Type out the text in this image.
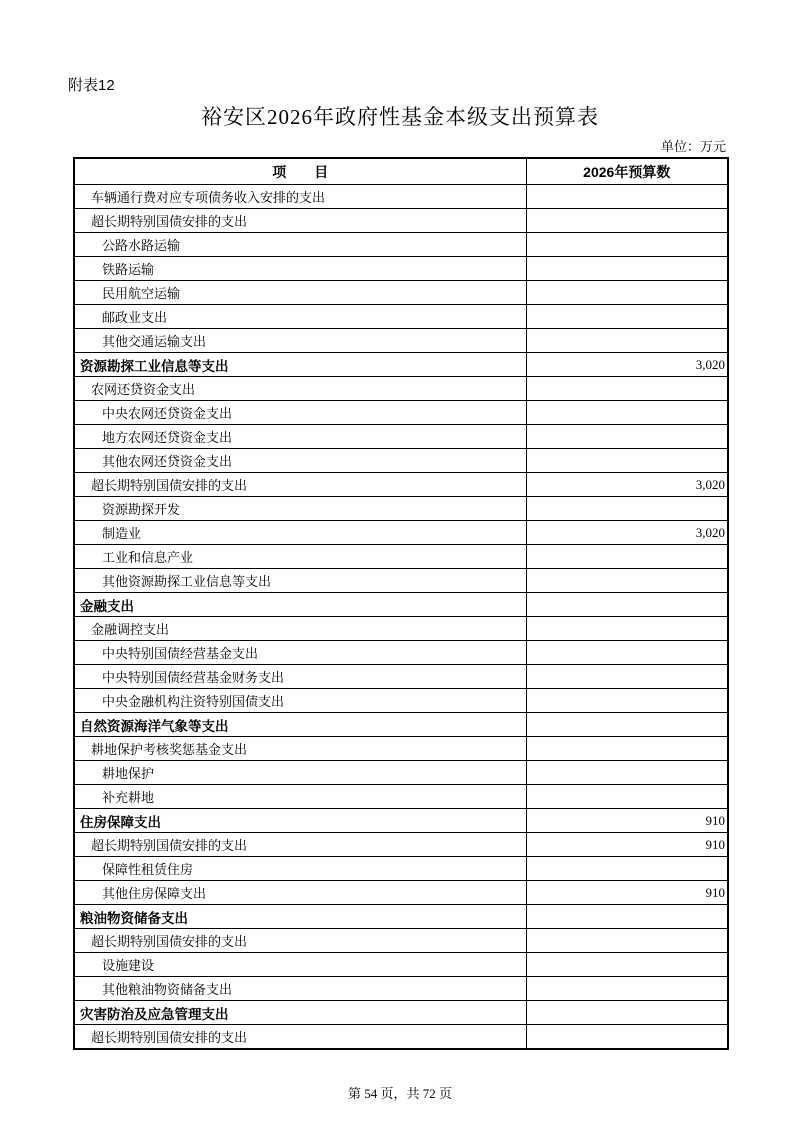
附表12
裕安区2026年政府性基金本级支出预算表
单位：万元
项　　目	2026年预算数
车辆通行费对应专项债务收入安排的支出	
超长期特别国债安排的支出	
公路水路运输	
铁路运输	
民用航空运输	
邮政业支出	
其他交通运输支出	
资源勘探工业信息等支出	3,020
农网还贷资金支出	
中央农网还贷资金支出	
地方农网还贷资金支出	
其他农网还贷资金支出	
超长期特别国债安排的支出	3,020
资源勘探开发	
制造业	3,020
工业和信息产业	
其他资源勘探工业信息等支出	
金融支出	
金融调控支出	
中央特别国债经营基金支出	
中央特别国债经营基金财务支出	
中央金融机构注资特别国债支出	
自然资源海洋气象等支出	
耕地保护考核奖惩基金支出	
耕地保护	
补充耕地	
住房保障支出	910
超长期特别国债安排的支出	910
保障性租赁住房	
其他住房保障支出	910
粮油物资储备支出	
超长期特别国债安排的支出	
设施建设	
其他粮油物资储备支出	
灾害防治及应急管理支出	
超长期特别国债安排的支出	
第 54 页，共 72 页
